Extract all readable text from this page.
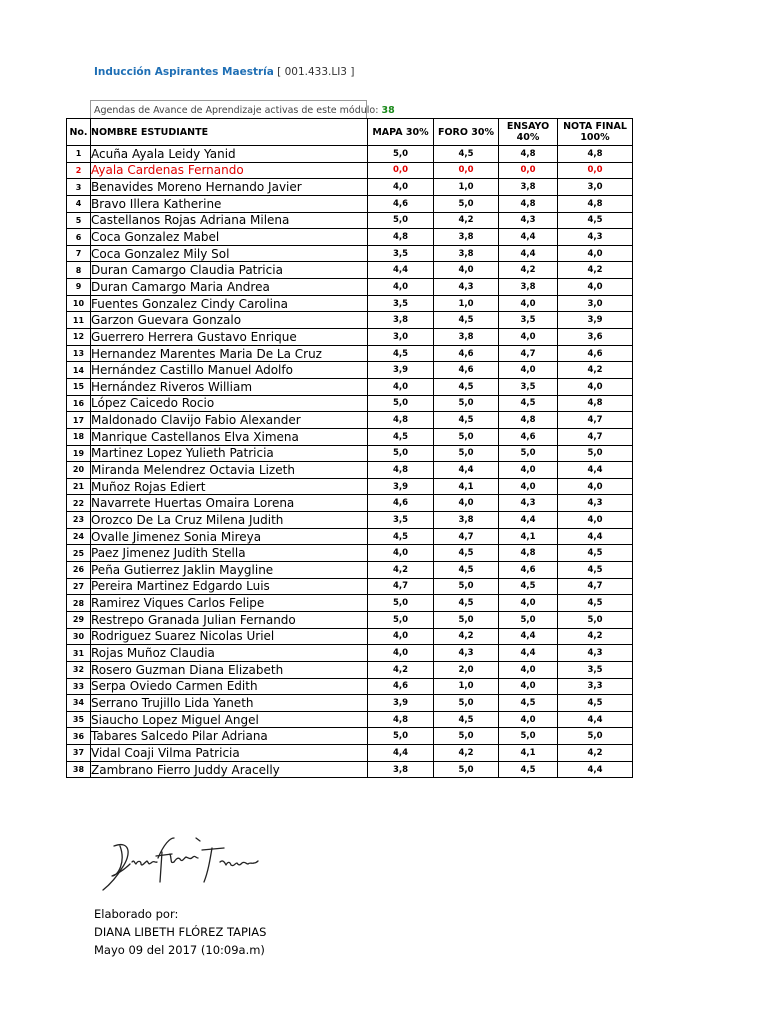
Inducción Aspirantes Maestría [ 001.433.LI3 ]
Agendas de Avance de Aprendizaje activas de este módulo: 38
No.	NOMBRE ESTUDIANTE	MAPA 30%	FORO 30%	ENSAYO 40%	NOTA FINAL 100%
1	Acuña Ayala Leidy Yanid	5,0	4,5	4,8	4,8
2	Ayala Cardenas Fernando	0,0	0,0	0,0	0,0
3	Benavides Moreno Hernando Javier	4,0	1,0	3,8	3,0
4	Bravo Illera Katherine	4,6	5,0	4,8	4,8
5	Castellanos Rojas Adriana Milena	5,0	4,2	4,3	4,5
6	Coca Gonzalez Mabel	4,8	3,8	4,4	4,3
7	Coca Gonzalez Mily Sol	3,5	3,8	4,4	4,0
8	Duran Camargo Claudia Patricia	4,4	4,0	4,2	4,2
9	Duran Camargo Maria Andrea	4,0	4,3	3,8	4,0
10	Fuentes Gonzalez Cindy Carolina	3,5	1,0	4,0	3,0
11	Garzon Guevara Gonzalo	3,8	4,5	3,5	3,9
12	Guerrero Herrera Gustavo Enrique	3,0	3,8	4,0	3,6
13	Hernandez Marentes Maria De La Cruz	4,5	4,6	4,7	4,6
14	Hernández Castillo Manuel Adolfo	3,9	4,6	4,0	4,2
15	Hernández Riveros William	4,0	4,5	3,5	4,0
16	López Caicedo Rocio	5,0	5,0	4,5	4,8
17	Maldonado Clavijo Fabio Alexander	4,8	4,5	4,8	4,7
18	Manrique Castellanos Elva Ximena	4,5	5,0	4,6	4,7
19	Martinez Lopez Yulieth Patricia	5,0	5,0	5,0	5,0
20	Miranda Melendrez Octavia Lizeth	4,8	4,4	4,0	4,4
21	Muñoz Rojas Ediert	3,9	4,1	4,0	4,0
22	Navarrete Huertas Omaira Lorena	4,6	4,0	4,3	4,3
23	Orozco De La Cruz Milena Judith	3,5	3,8	4,4	4,0
24	Ovalle Jimenez Sonia Mireya	4,5	4,7	4,1	4,4
25	Paez Jimenez Judith Stella	4,0	4,5	4,8	4,5
26	Peña Gutierrez Jaklin Maygline	4,2	4,5	4,6	4,5
27	Pereira Martinez Edgardo Luis	4,7	5,0	4,5	4,7
28	Ramirez Viques Carlos Felipe	5,0	4,5	4,0	4,5
29	Restrepo Granada Julian Fernando	5,0	5,0	5,0	5,0
30	Rodriguez Suarez Nicolas Uriel	4,0	4,2	4,4	4,2
31	Rojas Muñoz Claudia	4,0	4,3	4,4	4,3
32	Rosero Guzman Diana Elizabeth	4,2	2,0	4,0	3,5
33	Serpa Oviedo Carmen Edith	4,6	1,0	4,0	3,3
34	Serrano Trujillo Lida Yaneth	3,9	5,0	4,5	4,5
35	Siaucho Lopez Miguel Angel	4,8	4,5	4,0	4,4
36	Tabares Salcedo Pilar Adriana	5,0	5,0	5,0	5,0
37	Vidal Coaji Vilma Patricia	4,4	4,2	4,1	4,2
38	Zambrano Fierro Juddy Aracelly	3,8	5,0	4,5	4,4
Elaborado por:
DIANA LIBETH FLÓREZ TAPIAS
Mayo 09 del 2017 (10:09a.m)
